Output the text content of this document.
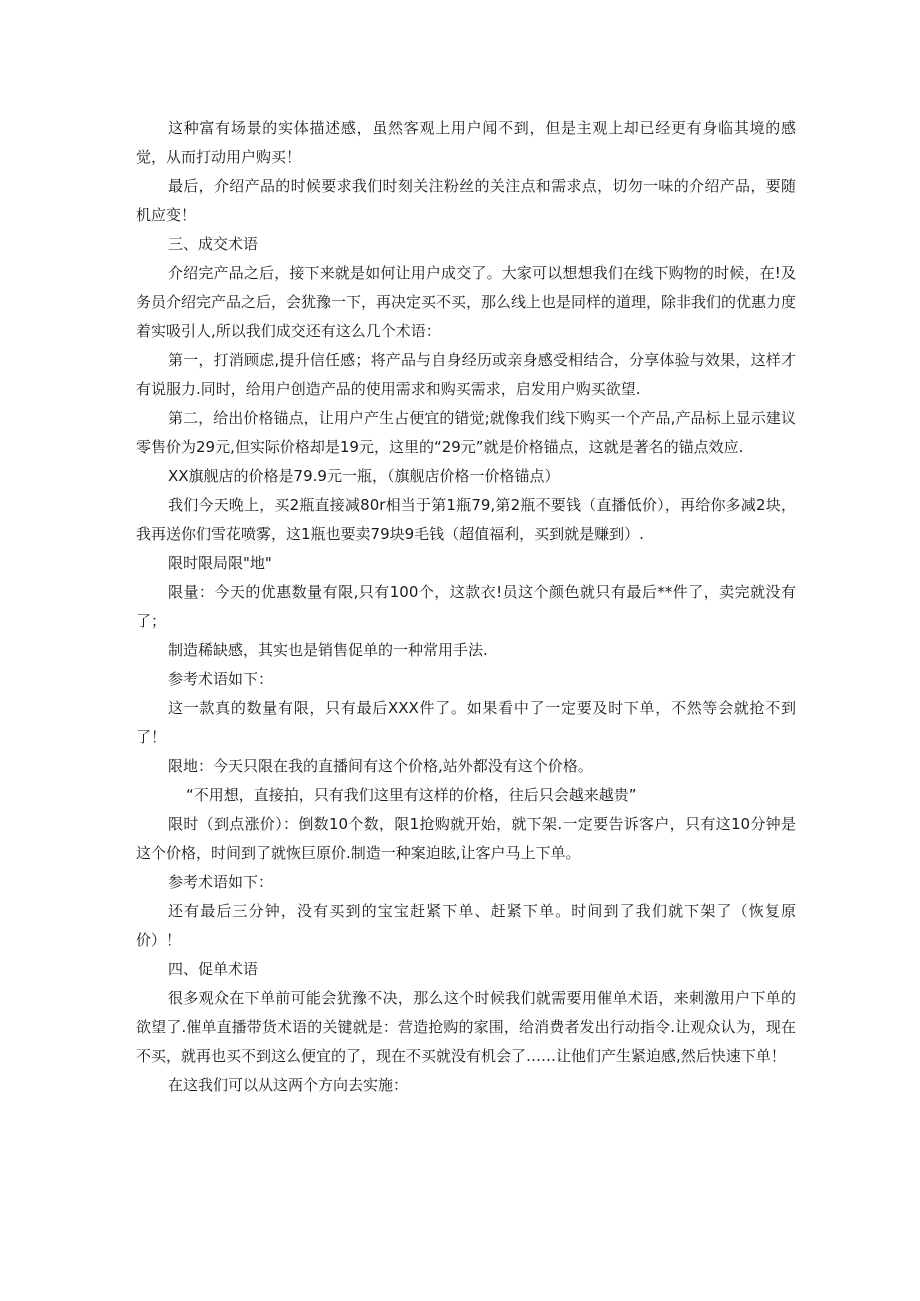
这种富有场景的实体描述感，虽然客观上用户闻不到，但是主观上却已经更有身临其境的感觉，从而打动用户购买！

最后，介绍产品的时候要求我们时刻关注粉丝的关注点和需求点，切勿一味的介绍产品，要随机应变！

三、成交术语

介绍完产品之后，接下来就是如何让用户成交了。大家可以想想我们在线下购物的时候，在!及务员介绍完产品之后，会犹豫一下，再决定买不买，那么线上也是同样的道理，除非我们的优惠力度着实吸引人,所以我们成交还有这么几个术语：

第一，打消顾虑,提升信任感；将产品与自身经历或亲身感受相结合，分享体验与效果，这样才有说服力.同时，给用户创造产品的使用需求和购买需求，启发用户购买欲望.

第二，给出价格锚点，让用户产生占便宜的错觉;就像我们线下购买一个产品,产品标上显示建议零售价为29元,但实际价格却是19元，这里的“29元”就是价格锚点，这就是著名的锚点效应.

XX旗舰店的价格是79.9元一瓶，（旗舰店价格一价格锚点）

我们今天晚上，买2瓶直接减80r相当于第1瓶79,第2瓶不要钱（直播低价），再给你多减2块，我再送你们雪花喷雾，这1瓶也要卖79块9毛钱（超值福利，买到就是赚到）.

限时限局限"地"

限量：今天的优惠数量有限,只有100个，这款衣!员这个颜色就只有最后**件了，卖完就没有了；

制造稀缺感，其实也是销售促单的一种常用手法.

参考术语如下：

这一款真的数量有限，只有最后XXX件了。如果看中了一定要及时下单，不然等会就抢不到了！

限地：今天只限在我的直播间有这个价格,站外都没有这个价格。

“不用想，直接拍，只有我们这里有这样的价格，往后只会越来越贵”

限时（到点涨价）：倒数10个数，限1抢购就开始，就下架.一定要告诉客户，只有这10分钟是这个价格，时间到了就恢巨原价.制造一种案迫眩,让客户马上下单。

参考术语如下：

还有最后三分钟，没有买到的宝宝赶紧下单、赶紧下单。时间到了我们就下架了（恢复原价）！

四、促单术语

很多观众在下单前可能会犹豫不决，那么这个时候我们就需要用催单术语，来刺激用户下单的欲望了.催单直播带货术语的关键就是：营造抢购的家围，给消费者发出行动指令.让观众认为，现在不买，就再也买不到这么便宜的了，现在不买就没有机会了……让他们产生紧迫感,然后快速下单！

在这我们可以从这两个方向去实施：
